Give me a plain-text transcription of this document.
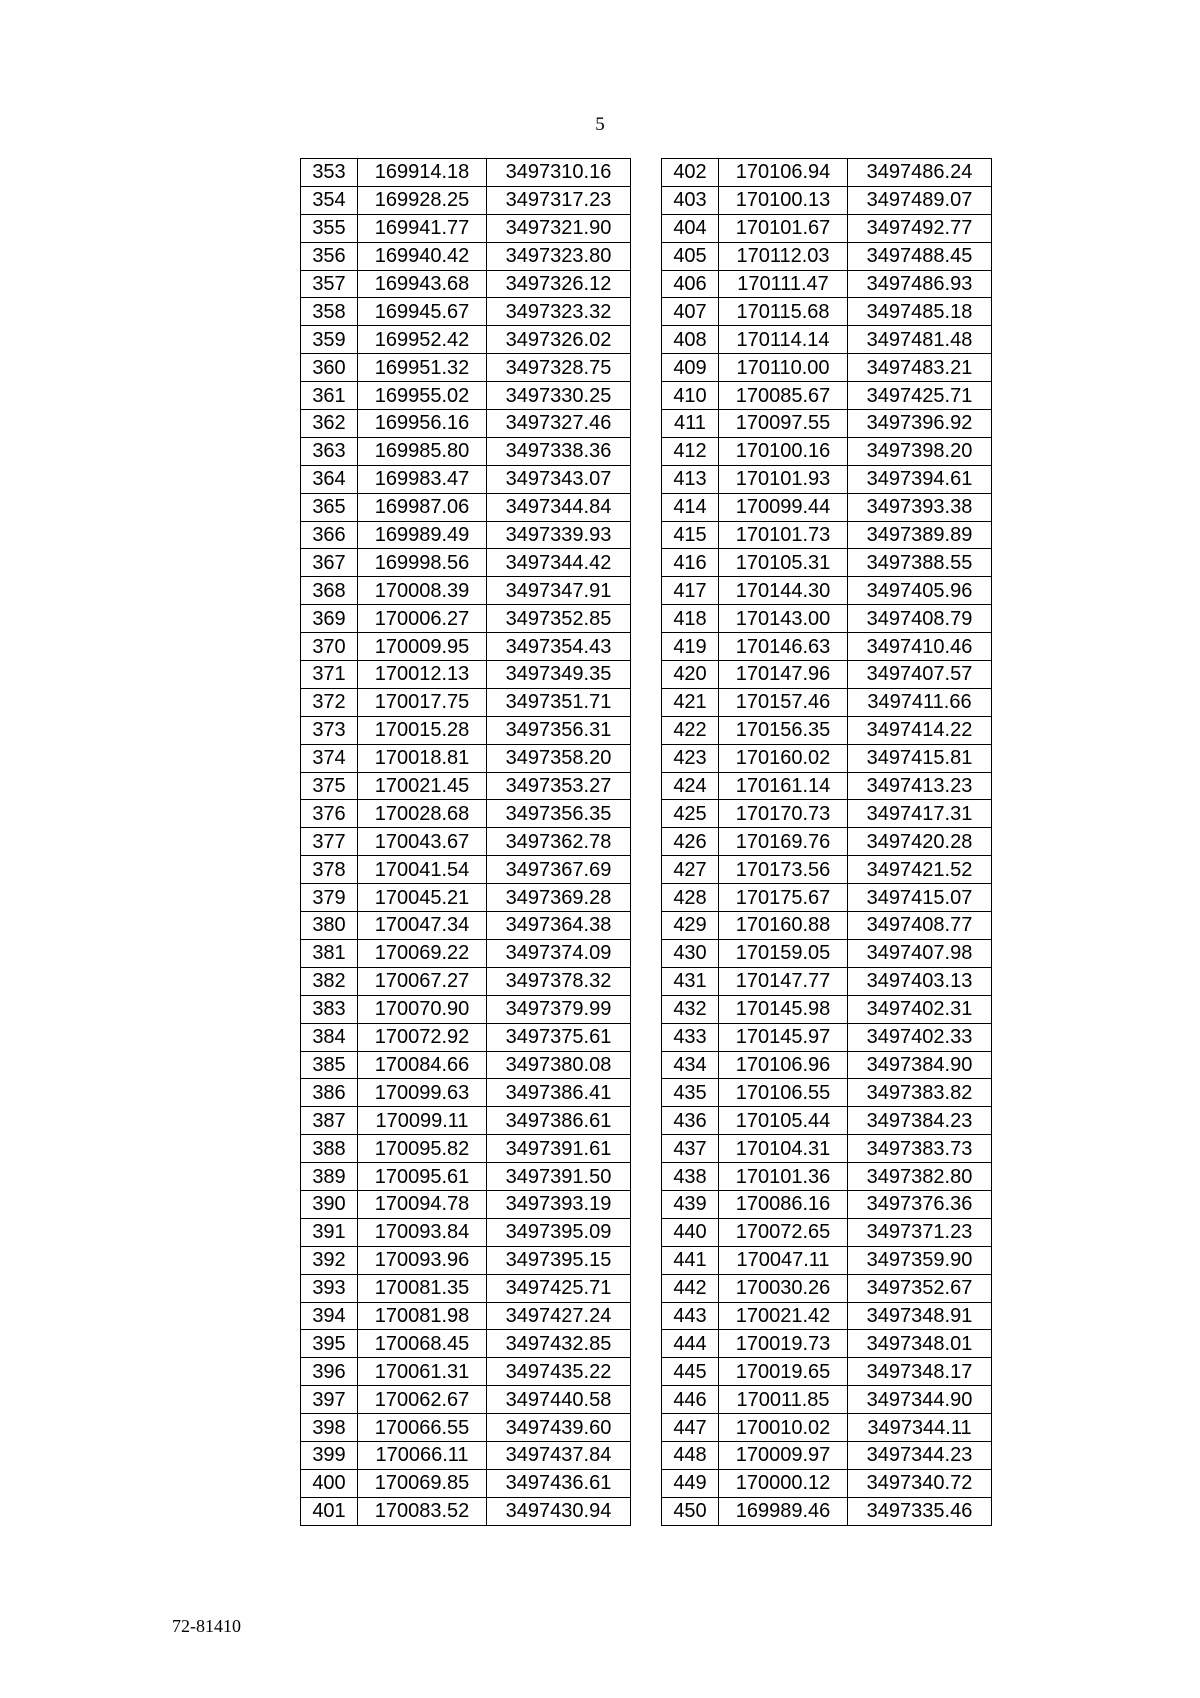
5
353	169914.18	3497310.16
354	169928.25	3497317.23
355	169941.77	3497321.90
356	169940.42	3497323.80
357	169943.68	3497326.12
358	169945.67	3497323.32
359	169952.42	3497326.02
360	169951.32	3497328.75
361	169955.02	3497330.25
362	169956.16	3497327.46
363	169985.80	3497338.36
364	169983.47	3497343.07
365	169987.06	3497344.84
366	169989.49	3497339.93
367	169998.56	3497344.42
368	170008.39	3497347.91
369	170006.27	3497352.85
370	170009.95	3497354.43
371	170012.13	3497349.35
372	170017.75	3497351.71
373	170015.28	3497356.31
374	170018.81	3497358.20
375	170021.45	3497353.27
376	170028.68	3497356.35
377	170043.67	3497362.78
378	170041.54	3497367.69
379	170045.21	3497369.28
380	170047.34	3497364.38
381	170069.22	3497374.09
382	170067.27	3497378.32
383	170070.90	3497379.99
384	170072.92	3497375.61
385	170084.66	3497380.08
386	170099.63	3497386.41
387	170099.11	3497386.61
388	170095.82	3497391.61
389	170095.61	3497391.50
390	170094.78	3497393.19
391	170093.84	3497395.09
392	170093.96	3497395.15
393	170081.35	3497425.71
394	170081.98	3497427.24
395	170068.45	3497432.85
396	170061.31	3497435.22
397	170062.67	3497440.58
398	170066.55	3497439.60
399	170066.11	3497437.84
400	170069.85	3497436.61
401	170083.52	3497430.94
402	170106.94	3497486.24
403	170100.13	3497489.07
404	170101.67	3497492.77
405	170112.03	3497488.45
406	170111.47	3497486.93
407	170115.68	3497485.18
408	170114.14	3497481.48
409	170110.00	3497483.21
410	170085.67	3497425.71
411	170097.55	3497396.92
412	170100.16	3497398.20
413	170101.93	3497394.61
414	170099.44	3497393.38
415	170101.73	3497389.89
416	170105.31	3497388.55
417	170144.30	3497405.96
418	170143.00	3497408.79
419	170146.63	3497410.46
420	170147.96	3497407.57
421	170157.46	3497411.66
422	170156.35	3497414.22
423	170160.02	3497415.81
424	170161.14	3497413.23
425	170170.73	3497417.31
426	170169.76	3497420.28
427	170173.56	3497421.52
428	170175.67	3497415.07
429	170160.88	3497408.77
430	170159.05	3497407.98
431	170147.77	3497403.13
432	170145.98	3497402.31
433	170145.97	3497402.33
434	170106.96	3497384.90
435	170106.55	3497383.82
436	170105.44	3497384.23
437	170104.31	3497383.73
438	170101.36	3497382.80
439	170086.16	3497376.36
440	170072.65	3497371.23
441	170047.11	3497359.90
442	170030.26	3497352.67
443	170021.42	3497348.91
444	170019.73	3497348.01
445	170019.65	3497348.17
446	170011.85	3497344.90
447	170010.02	3497344.11
448	170009.97	3497344.23
449	170000.12	3497340.72
450	169989.46	3497335.46
72-81410
